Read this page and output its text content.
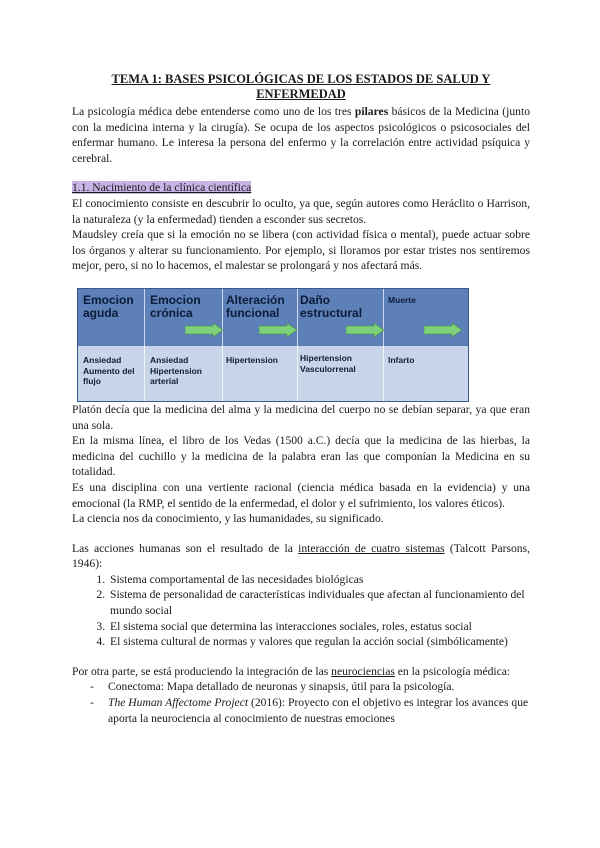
TEMA 1: BASES PSICOLÓGICAS DE LOS ESTADOS DE SALUD Y
ENFERMEDAD

La psicología médica debe entenderse como uno de los tres pilares básicos de la Medicina (junto con la medicina interna y la cirugía). Se ocupa de los aspectos psicológicos o psicosociales del enfermar humano. Le interesa la persona del enfermo y la correlación entre actividad psíquica y cerebral.

1.1. Nacimiento de la clínica científica

El conocimiento consiste en descubrir lo oculto, ya que, según autores como Heráclito o Harrison, la naturaleza (y la enfermedad) tienden a esconder sus secretos.

Maudsley creía que si la emoción no se libera (con actividad física o mental), puede actuar sobre los órganos y alterar su funcionamiento. Por ejemplo, si lloramos por estar tristes nos sentiremos mejor, pero, si no lo hacemos, el malestar se prolongará y nos afectará más.

Platón decía que la medicina del alma y la medicina del cuerpo no se debían separar, ya que eran una sola.

En la misma línea, el libro de los Vedas (1500 a.C.) decía que la medicina de las hierbas, la medicina del cuchillo y la medicina de la palabra eran las que componían la Medicina en su totalidad.

Es una disciplina con una vertiente racional (ciencia médica basada en la evidencia) y una emocional (la RMP, el sentido de la enfermedad, el dolor y el sufrimiento, los valores éticos).

La ciencia nos da conocimiento, y las humanidades, su significado.

Las acciones humanas son el resultado de la interacción de cuatro sistemas (Talcott Parsons, 1946):

1. Sistema comportamental de las necesidades biológicas
2. Sistema de personalidad de características individuales que afectan al funcionamiento del mundo social
3. El sistema social que determina las interacciones sociales, roles, estatus social
4. El sistema cultural de normas y valores que regulan la acción social (simbólicamente)

Por otra parte, se está produciendo la integración de las neurociencias en la psicología médica:

- Conectoma: Mapa detallado de neuronas y sinapsis, útil para la psicología.
- The Human Affectome Project (2016): Proyecto con el objetivo es integrar los avances que aporta la neurociencia al conocimiento de nuestras emociones
Emocion
aguda
Emocion
crónica
Alteración
funcional
Daño
estructural
Muerte
Ansiedad
Aumento del
flujo
Ansiedad
Hipertension
arterial
Hipertension	Hipertension
Vasculorrenal
Infarto
